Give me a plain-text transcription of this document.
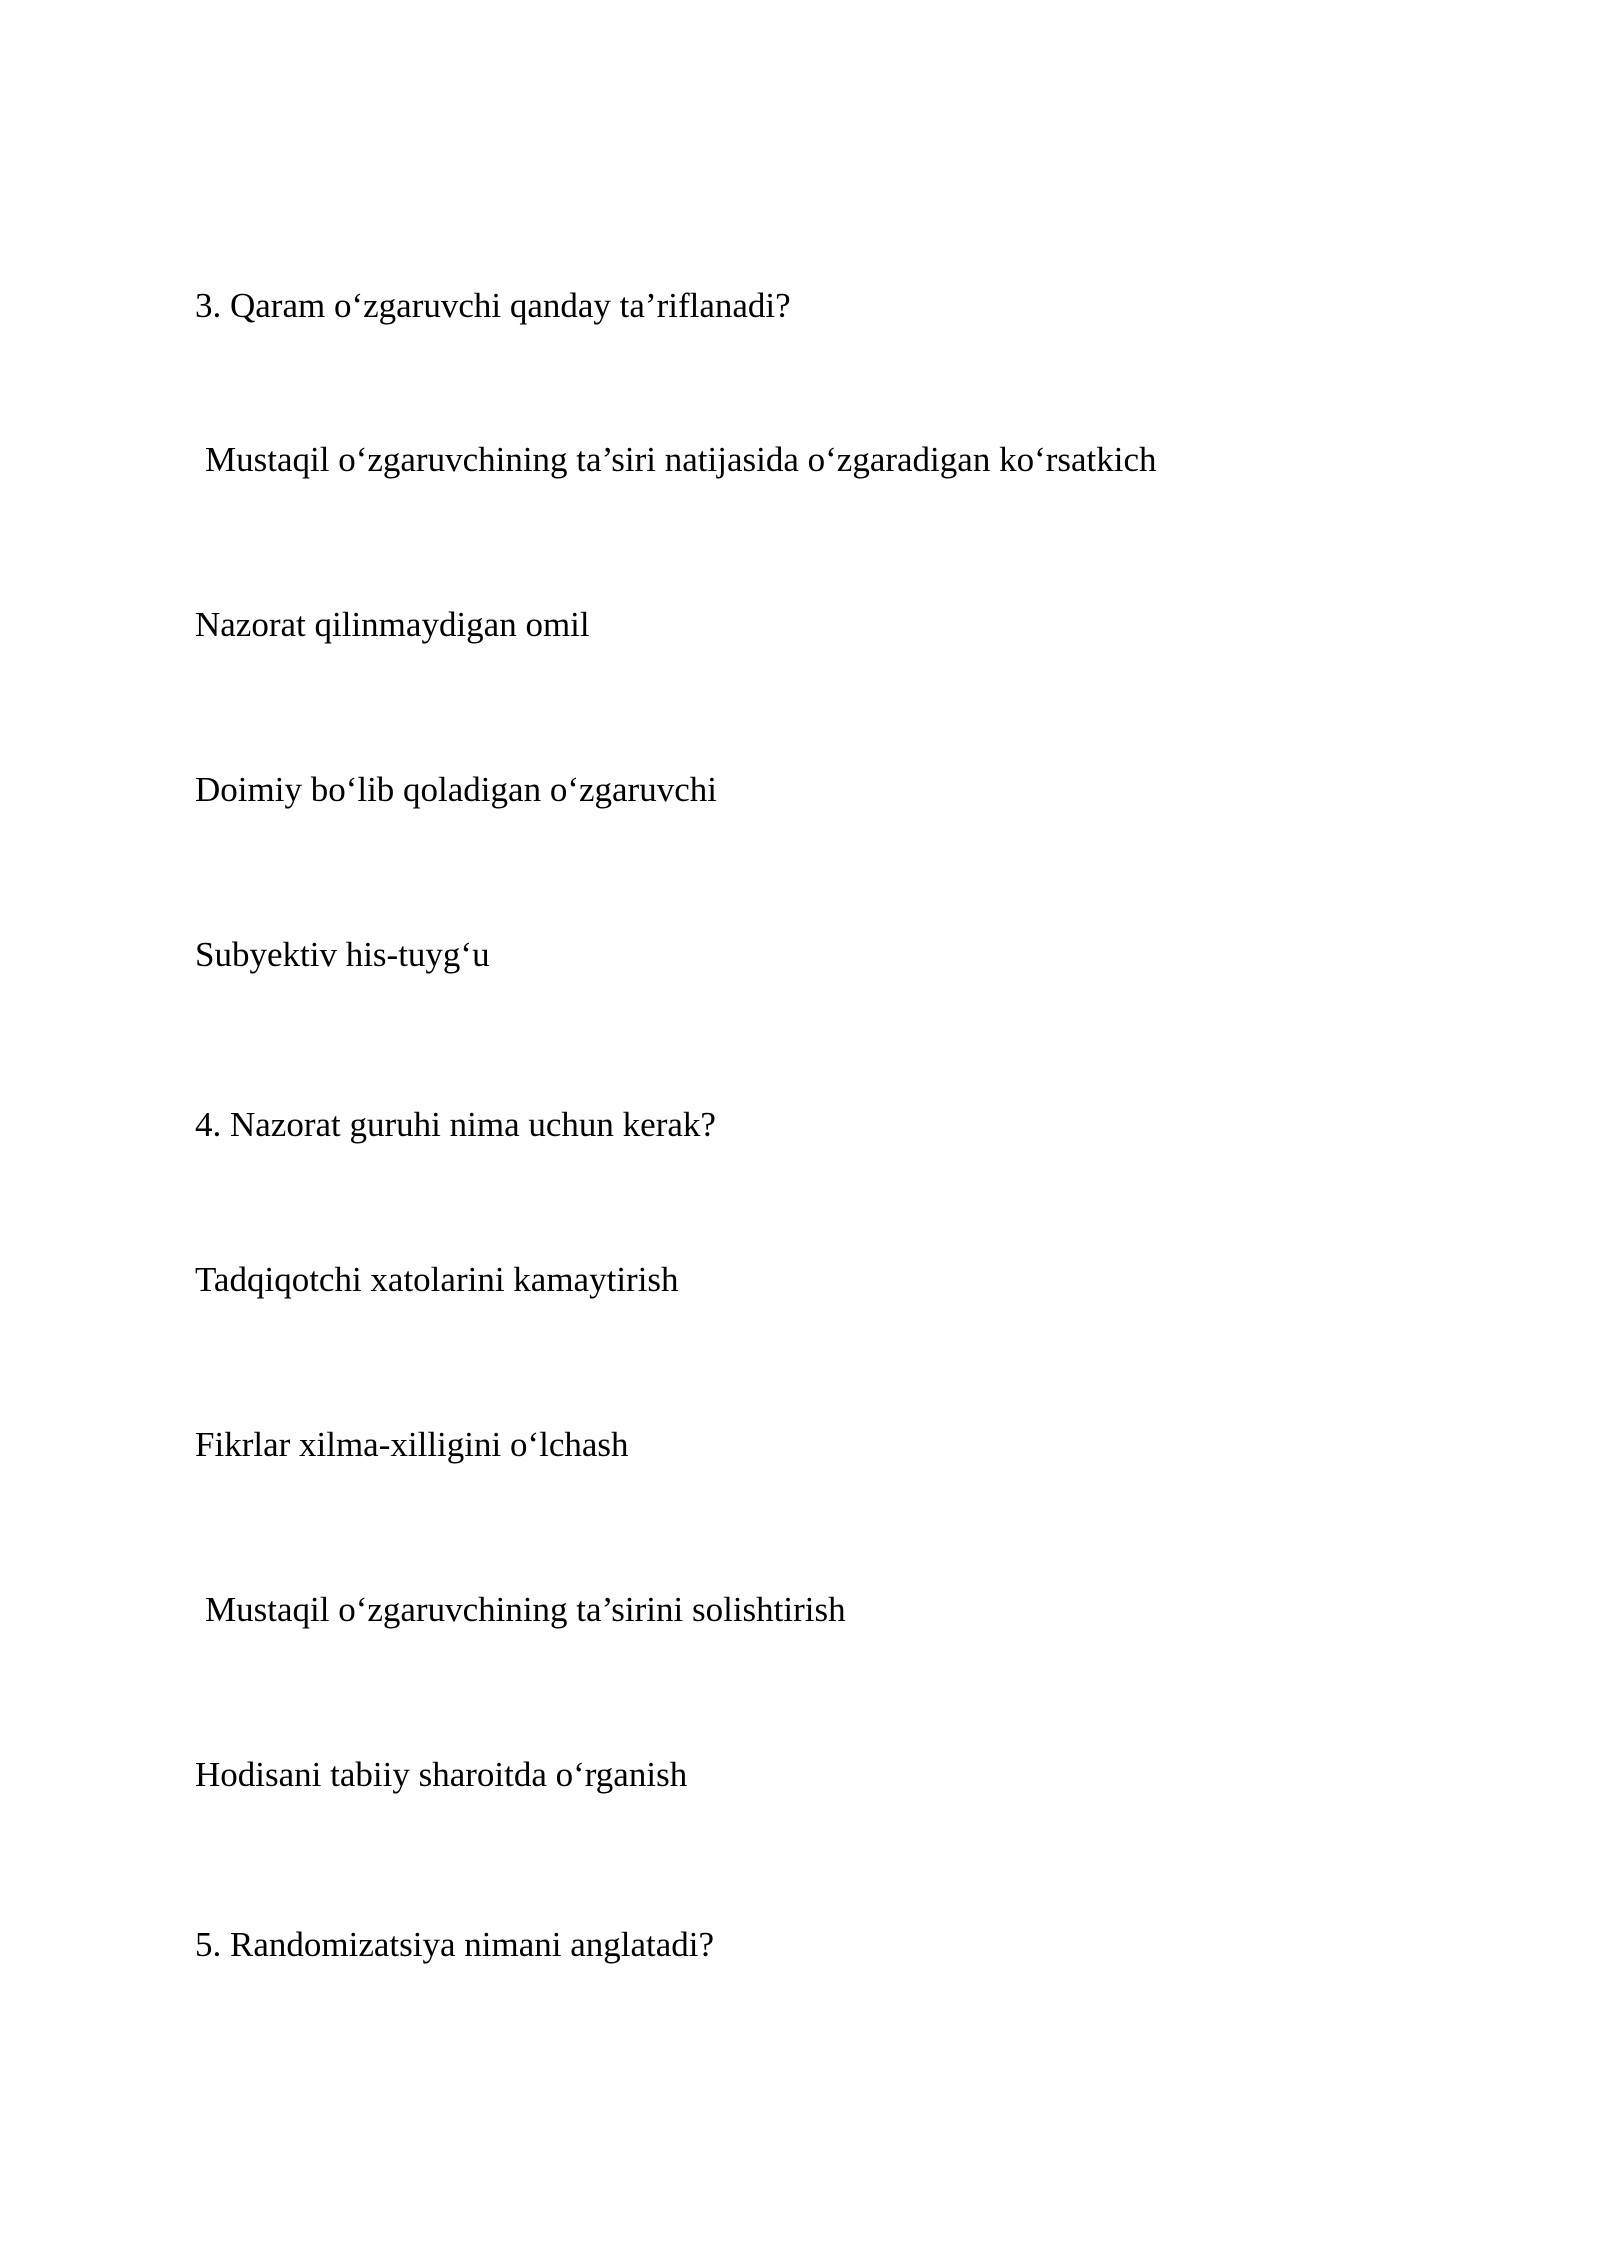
3. Qaram o‘zgaruvchi qanday ta’riflanadi?
Mustaqil o‘zgaruvchining ta’siri natijasida o‘zgaradigan ko‘rsatkich
Nazorat qilinmaydigan omil
Doimiy bo‘lib qoladigan o‘zgaruvchi
Subyektiv his-tuyg‘u
4. Nazorat guruhi nima uchun kerak?
Tadqiqotchi xatolarini kamaytirish
Fikrlar xilma-xilligini o‘lchash
Mustaqil o‘zgaruvchining ta’sirini solishtirish
Hodisani tabiiy sharoitda o‘rganish
5. Randomizatsiya nimani anglatadi?
